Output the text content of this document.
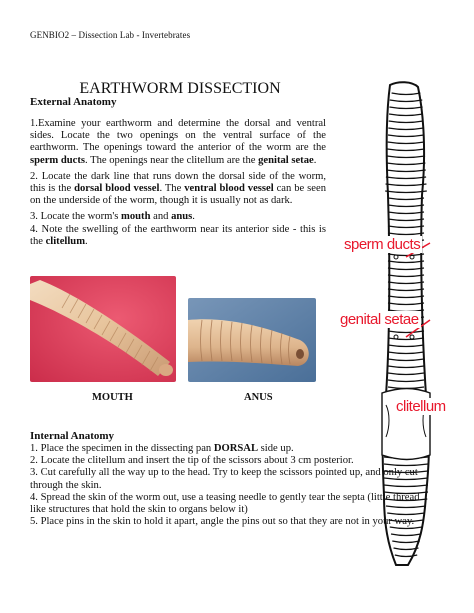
GENBIO2 – Dissection Lab - Invertebrates
EARTHWORM DISSECTION
External Anatomy

1.Examine your earthworm and determine the dorsal and ventral sides. Locate the two openings on the ventral surface of the earthworm. The openings toward the anterior of the worm are the sperm ducts. The openings near the clitellum are the genital setae.

2. Locate the dark line that runs down the dorsal side of the worm, this is the dorsal blood vessel. The ventral blood vessel can be seen on the underside of the worm, though it is usually not as dark.

3. Locate the worm's mouth and anus.

4. Note the swelling of the earthworm near its anterior side - this is the clitellum.

MOUTH	ANUS
sperm ducts
genital setae
clitellum
Internal Anatomy

1. Place the specimen in the dissecting pan DORSAL side up.

2. Locate the clitellum and insert the tip of the scissors about 3 cm posterior.

3. Cut carefully all the way up to the head. Try to keep the scissors pointed up, and only cut through the skin.

4. Spread the skin of the worm out, use a teasing needle to gently tear the septa (little thread like structures that hold the skin to organs below it)

5. Place pins in the skin to hold it apart, angle the pins out so that they are not in your way.
